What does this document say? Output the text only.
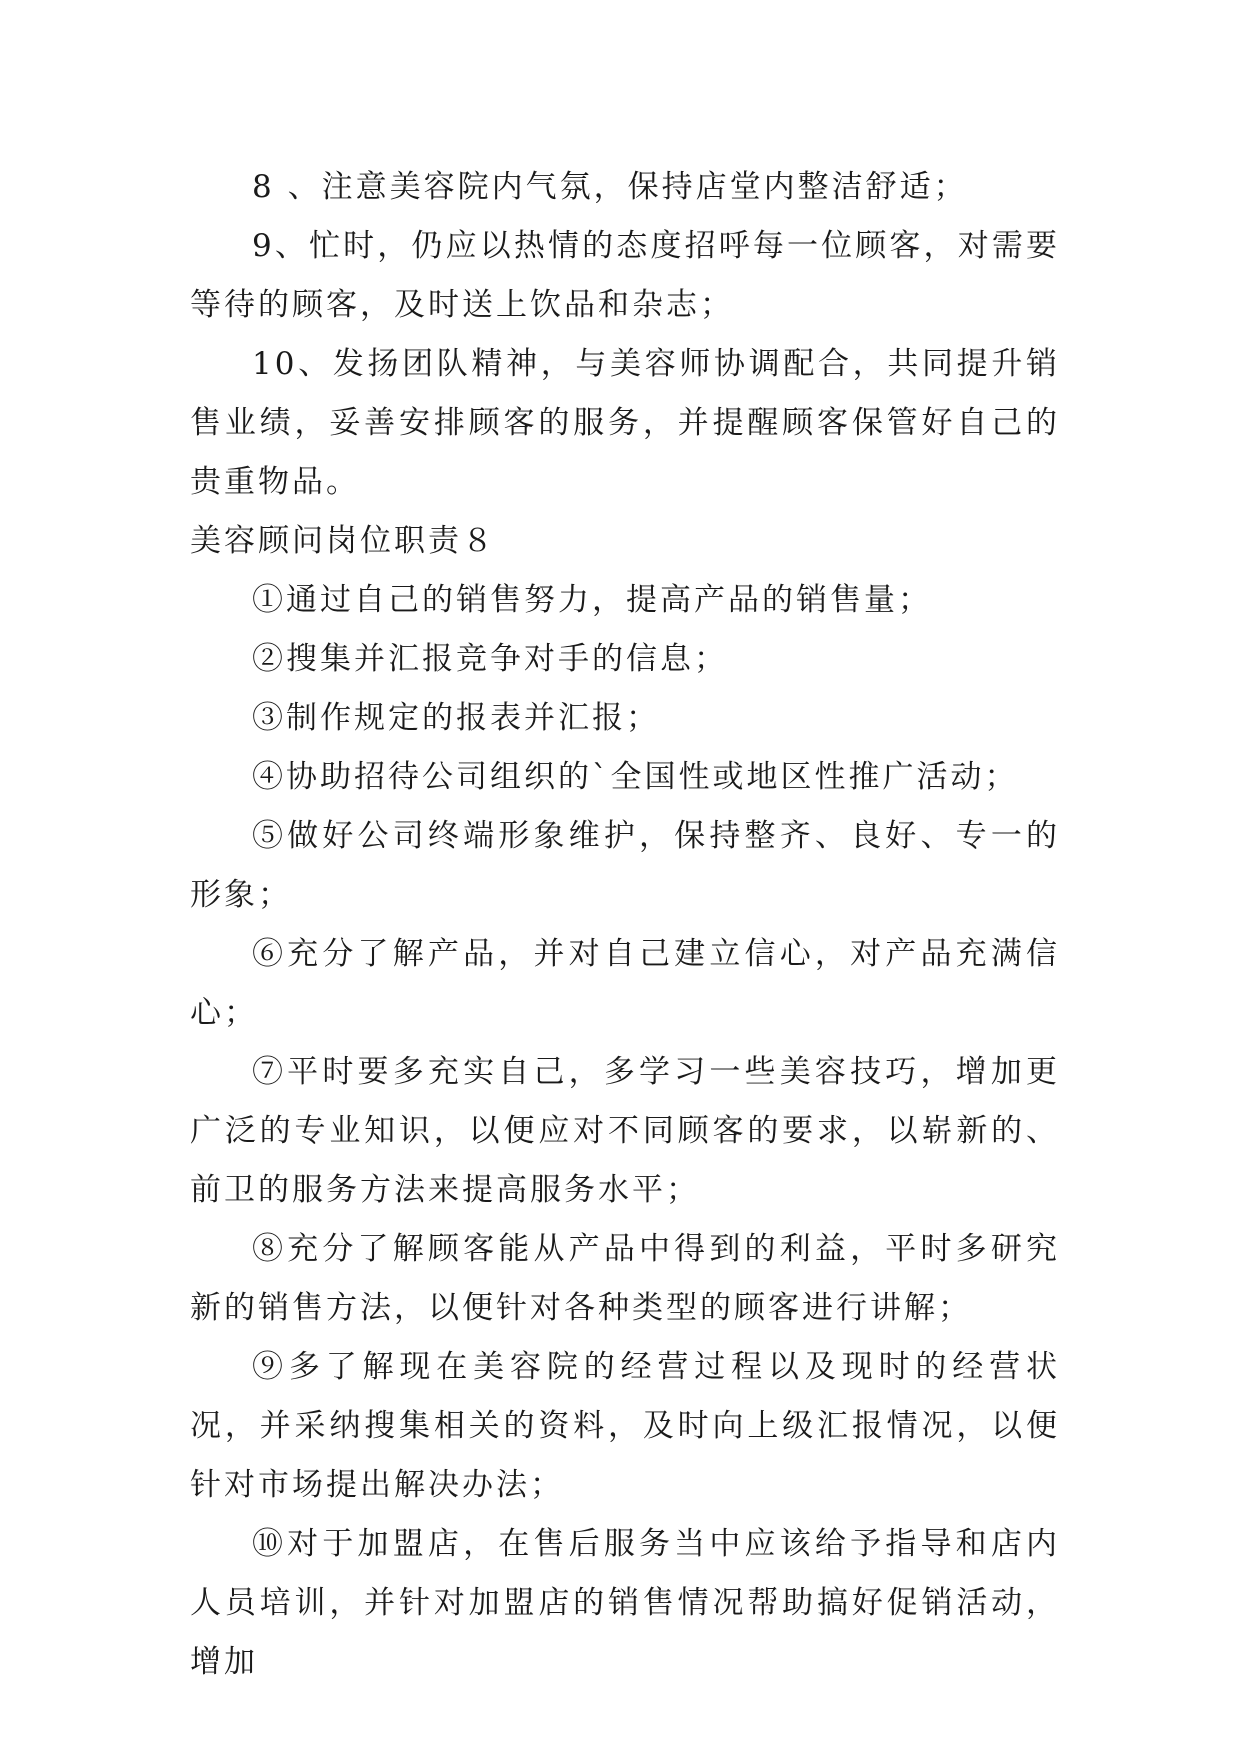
8 、注意美容院内气氛，保持店堂内整洁舒适；

9、忙时，仍应以热情的态度招呼每一位顾客，对需要等待的顾客，及时送上饮品和杂志；

10、发扬团队精神，与美容师协调配合，共同提升销售业绩，妥善安排顾客的服务，并提醒顾客保管好自己的贵重物品。

美容顾问岗位职责８

①通过自己的销售努力，提高产品的销售量；

②搜集并汇报竞争对手的信息；

③制作规定的报表并汇报；

④协助招待公司组织的`全国性或地区性推广活动；

⑤做好公司终端形象维护，保持整齐、良好、专一的形象；

⑥充分了解产品，并对自己建立信心，对产品充满信心；

⑦平时要多充实自己，多学习一些美容技巧，增加更广泛的专业知识，以便应对不同顾客的要求，以崭新的、前卫的服务方法来提高服务水平；

⑧充分了解顾客能从产品中得到的利益，平时多研究新的销售方法，以便针对各种类型的顾客进行讲解；

⑨多了解现在美容院的经营过程以及现时的经营状况，并采纳搜集相关的资料，及时向上级汇报情况，以便针对市场提出解决办法；

⑩对于加盟店，在售后服务当中应该给予指导和店内人员培训，并针对加盟店的销售情况帮助搞好促销活动，增加
